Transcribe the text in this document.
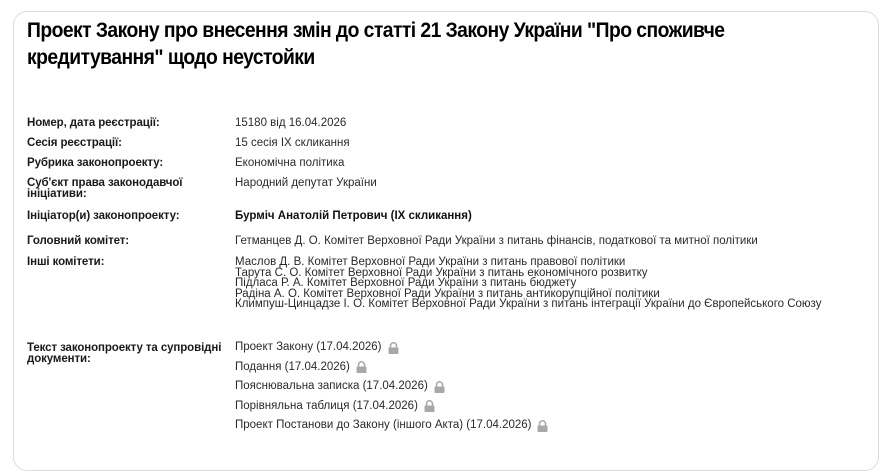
Проект Закону про внесення змін до статті 21 Закону України "Про споживче кредитування" щодо неустойки
Номер, дата реєстрації:	15180 від 16.04.2026
Сесія реєстрації:	15 сесія IX скликання
Рубрика законопроекту:	Економічна політика
Суб'єкт права законодавчої ініціативи:
Народний депутат України
Ініціатор(и) законопроекту:	Бурміч Анатолій Петрович (IX скликання)
Головний комітет:	Гетманцев Д. О. Комітет Верховної Ради України з питань фінансів, податкової та митної політики
Інші комітети:	Маслов Д. В. Комітет Верховної Ради України з питань правової політики
Тарута С. О. Комітет Верховної Ради України з питань економічного розвитку
Підласа Р. А. Комітет Верховної Ради України з питань бюджету
Радіна А. О. Комітет Верховної Ради України з питань антикорупційної політики
Климпуш-Цинцадзе І. О. Комітет Верховної Ради України з питань інтеграції України до Європейського Союзу
Текст законопроекту та супровідні документи:
Проект Закону (17.04.2026)
Подання (17.04.2026)
Пояснювальна записка (17.04.2026)
Порівняльна таблиця (17.04.2026)
Проект Постанови до Закону (іншого Акта) (17.04.2026)
